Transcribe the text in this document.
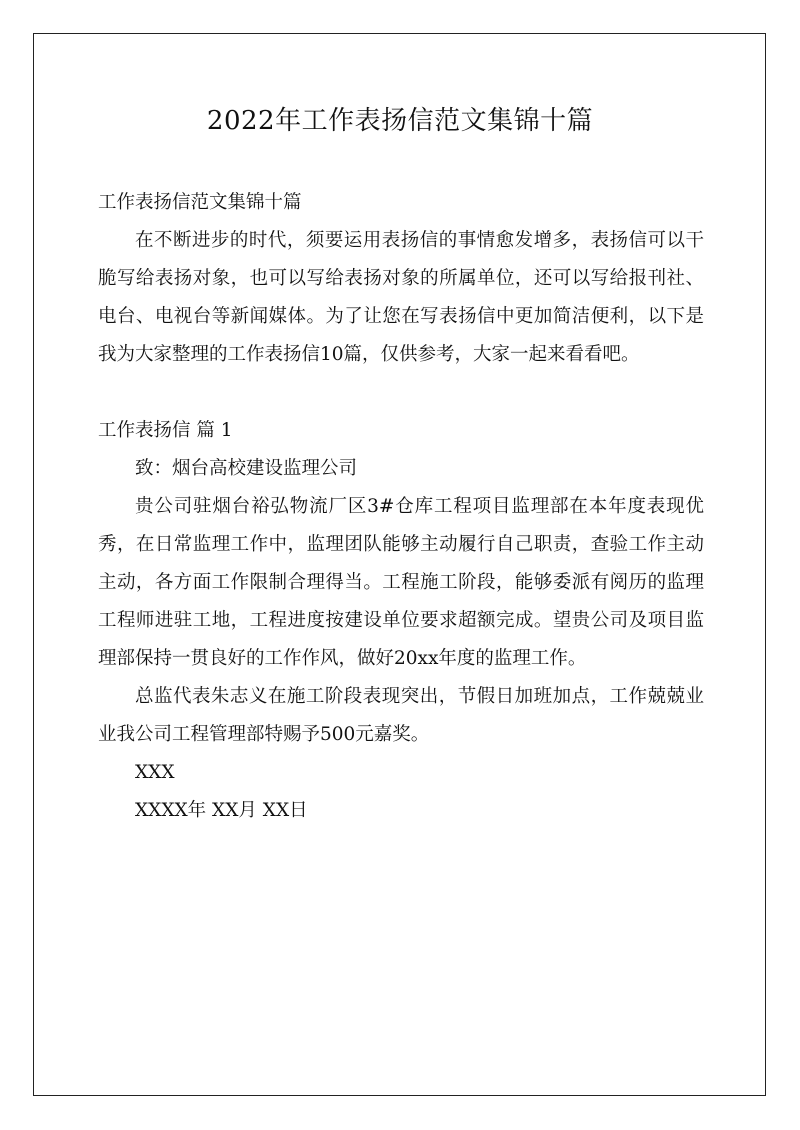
2022年工作表扬信范文集锦十篇

工作表扬信范文集锦十篇

在不断进步的时代，须要运用表扬信的事情愈发增多，表扬信可以干脆写给表扬对象，也可以写给表扬对象的所属单位，还可以写给报刊社、电台、电视台等新闻媒体。为了让您在写表扬信中更加简洁便利，以下是我为大家整理的工作表扬信10篇，仅供参考，大家一起来看看吧。

工作表扬信 篇 1

致：烟台高校建设监理公司

贵公司驻烟台裕弘物流厂区3#仓库工程项目监理部在本年度表现优秀，在日常监理工作中，监理团队能够主动履行自己职责，查验工作主动主动，各方面工作限制合理得当。工程施工阶段，能够委派有阅历的监理工程师进驻工地，工程进度按建设单位要求超额完成。望贵公司及项目监理部保持一贯良好的工作作风，做好20xx年度的监理工作。

总监代表朱志义在施工阶段表现突出，节假日加班加点，工作兢兢业业我公司工程管理部特赐予500元嘉奖。

XXX

XXXX年 XX月 XX日
